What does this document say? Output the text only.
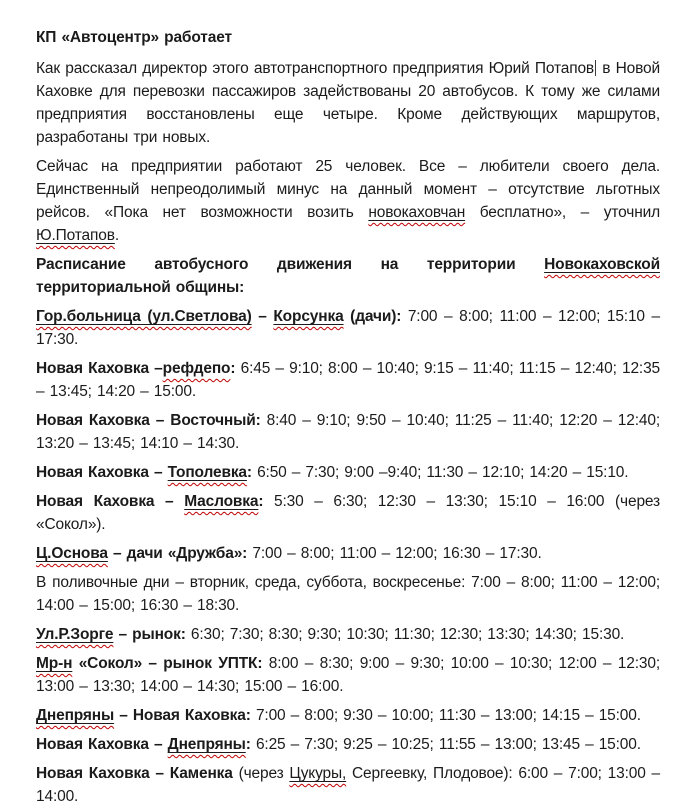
КП «Автоцентр» работает

Как рассказал директор этого автотранспортного предприятия Юрий Потапов в Новой Каховке для перевозки пассажиров задействованы 20 автобусов. К тому же силами предприятия восстановлены еще четыре. Кроме действующих маршрутов, разработаны три новых.

Сейчас на предприятии работают 25 человек. Все – любители своего дела. Единственный непреодолимый минус на данный момент – отсутствие льготных рейсов. «Пока нет возможности возить новокаховчан бесплатно», – уточнил Ю.Потапов.

Расписание автобусного движения на территории Новокаховской территориальной общины:

Гор.больница (ул.Светлова) – Корсунка (дачи): 7:00 – 8:00; 11:00 – 12:00; 15:10 –17:30.

Новая Каховка –рефдепо: 6:45 – 9:10; 8:00 – 10:40; 9:15 – 11:40; 11:15 – 12:40; 12:35 – 13:45; 14:20 – 15:00.

Новая Каховка – Восточный: 8:40 – 9:10; 9:50 – 10:40; 11:25 – 11:40; 12:20 – 12:40; 13:20 – 13:45; 14:10 – 14:30.

Новая Каховка – Тополевка: 6:50 – 7:30; 9:00 –9:40; 11:30 – 12:10; 14:20 – 15:10.

Новая Каховка – Масловка: 5:30 – 6:30; 12:30 – 13:30; 15:10 – 16:00 (через «Сокол»).

Ц.Основа – дачи «Дружба»: 7:00 – 8:00; 11:00 – 12:00; 16:30 – 17:30.

В поливочные дни – вторник, среда, суббота, воскресенье: 7:00 – 8:00; 11:00 – 12:00; 14:00 – 15:00; 16:30 – 18:30.

Ул.Р.Зорге – рынок: 6:30; 7:30; 8:30; 9:30; 10:30; 11:30; 12:30; 13:30; 14:30; 15:30.

Мр-н «Сокол» – рынок УПТК: 8:00 – 8:30; 9:00 – 9:30; 10:00 – 10:30; 12:00 – 12:30; 13:00 – 13:30; 14:00 – 14:30; 15:00 – 16:00.

Днепряны – Новая Каховка: 7:00 – 8:00; 9:30 – 10:00; 11:30 – 13:00; 14:15 – 15:00.

Новая Каховка – Днепряны: 6:25 – 7:30; 9:25 – 10:25; 11:55 – 13:00; 13:45 – 15:00.

Новая Каховка – Каменка (через Цукуры, Сергеевку, Плодовое): 6:00 – 7:00; 13:00 – 14:00.
